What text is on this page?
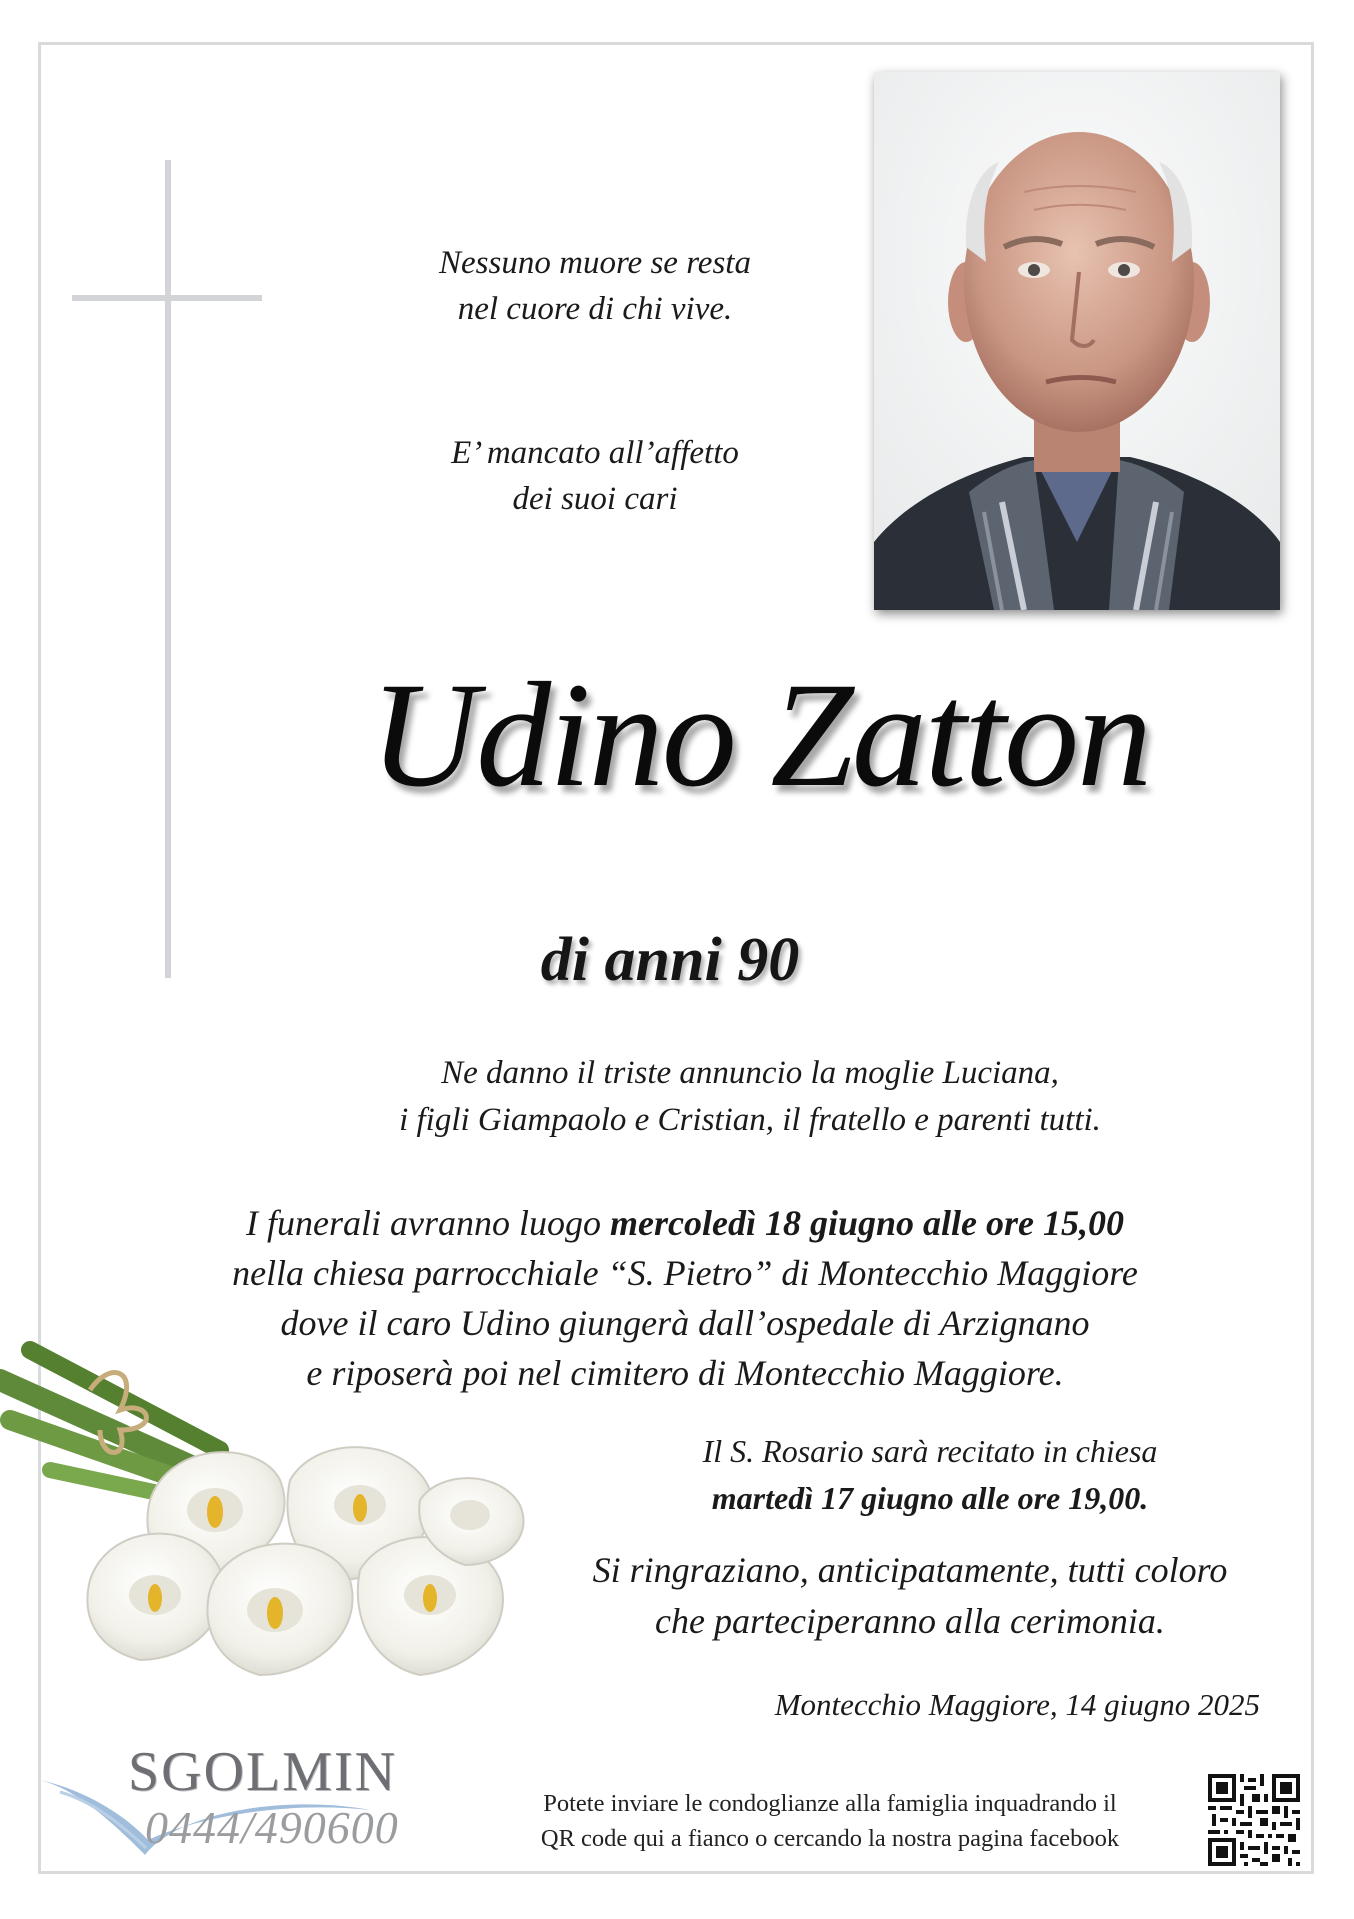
Nessuno muore se resta
nel cuore di chi vive.
E’ mancato all’affetto
dei suoi cari
Udino Zatton
di anni 90
Ne danno il triste annuncio la moglie Luciana,
i figli Giampaolo e Cristian, il fratello e parenti tutti.
I funerali avranno luogo mercoledì 18 giugno alle ore 15,00
nella chiesa parrocchiale “S. Pietro” di Montecchio Maggiore
dove il caro Udino giungerà dall’ospedale di Arzignano
e riposerà poi nel cimitero di Montecchio Maggiore.
Il S. Rosario sarà recitato in chiesa
martedì 17 giugno alle ore 19,00.
Si ringraziano, anticipatamente, tutti coloro
che parteciperanno alla cerimonia.
Montecchio Maggiore, 14 giugno 2025
SGOLMIN
0444/490600	Potete inviare le condoglianze alla famiglia inquadrando il
QR code qui a fianco o cercando la nostra pagina facebook
